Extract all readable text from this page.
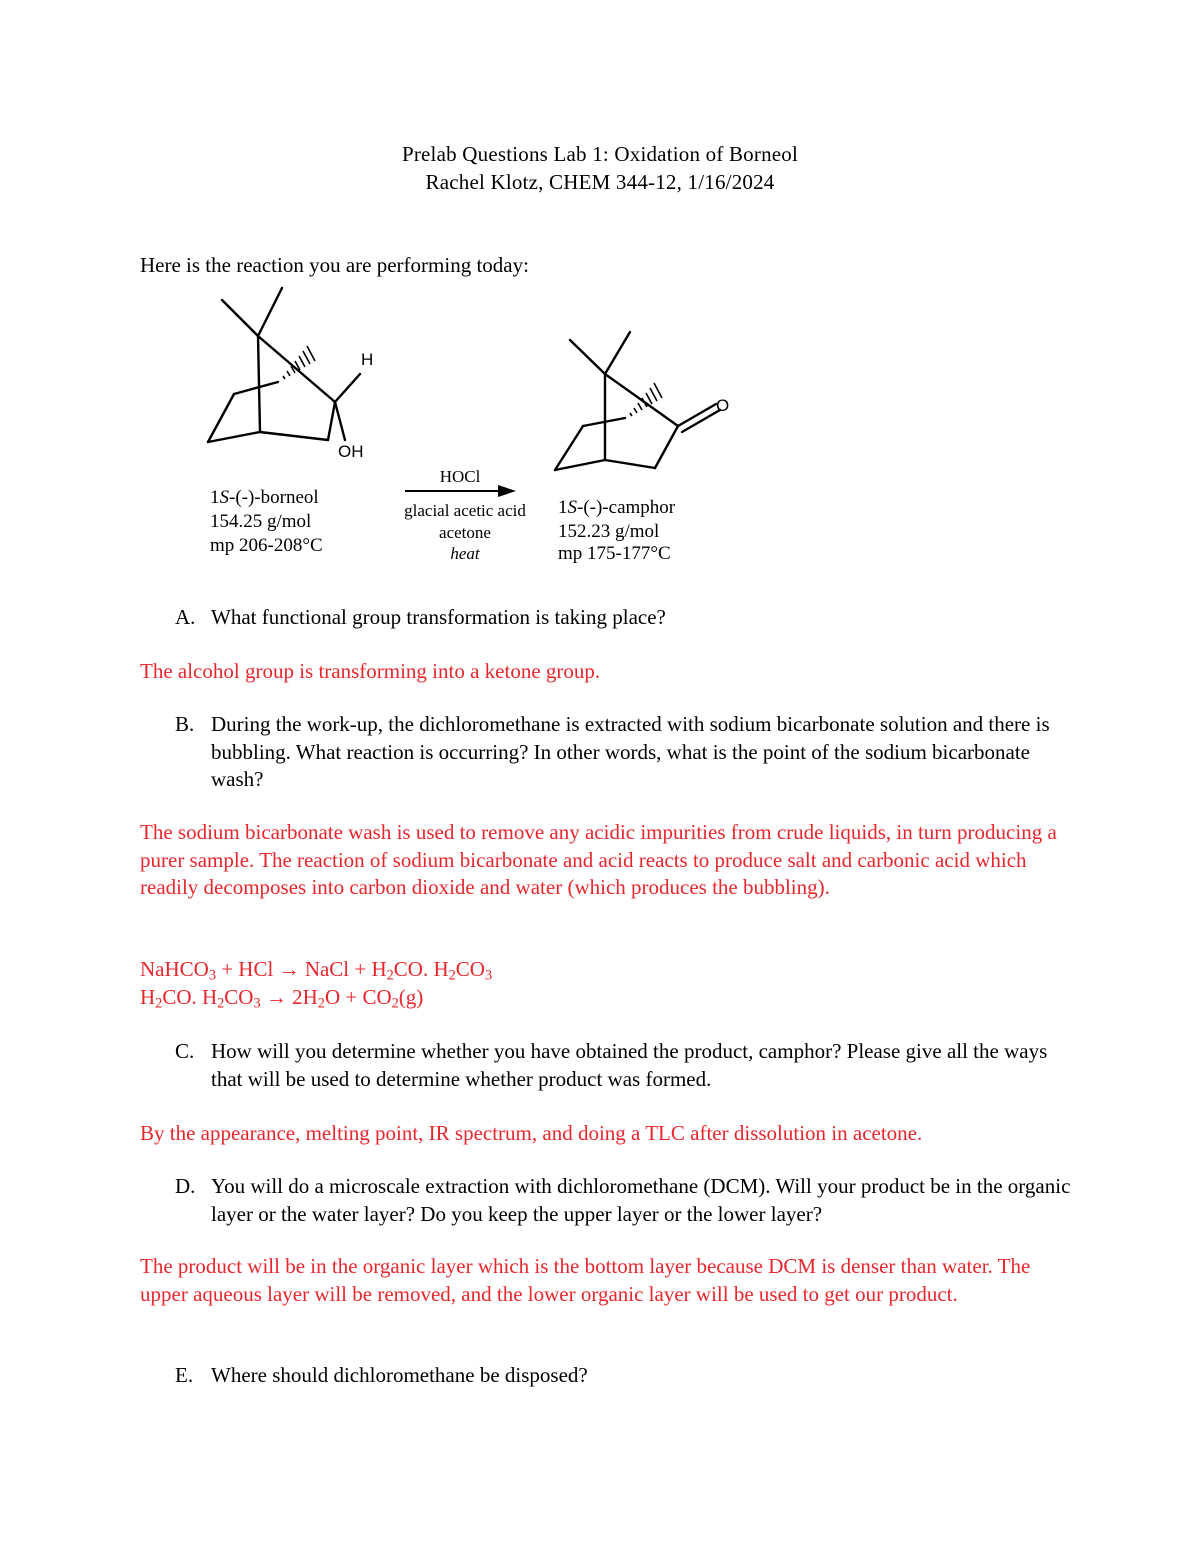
Prelab Questions Lab 1: Oxidation of Borneol
Rachel Klotz, CHEM 344-12, 1/16/2024
Here is the reaction you are performing today:
H
OH
O
1S-(-)-borneol
154.25 g/mol
mp 206-208°C
HOCl
glacial acetic acid
acetone
heat
1S-(-)-camphor
152.23 g/mol
mp 175-177°C
A. What functional group transformation is taking place?
The alcohol group is transforming into a ketone group.
B. During the work-up, the dichloromethane is extracted with sodium bicarbonate solution and there is bubbling. What reaction is occurring? In other words, what is the point of the sodium bicarbonate wash?
The sodium bicarbonate wash is used to remove any acidic impurities from crude liquids, in turn producing a purer sample. The reaction of sodium bicarbonate and acid reacts to produce salt and carbonic acid which readily decomposes into carbon dioxide and water (which produces the bubbling).
NaHCO$_3$ + HCl → NaCl + $H_2CO$. $H_2CO_3$
$H_2CO$. $H_2CO_3 \to 2H_2O + CO_2(g)$
C. How will you determine whether you have obtained the product, camphor? Please give all the ways that will be used to determine whether product was formed.
By the appearance, melting point, IR spectrum, and doing a TLC after dissolution in acetone.
D. You will do a microscale extraction with dichloromethane (DCM). Will your product be in the organic layer or the water layer? Do you keep the upper layer or the lower layer?
The product will be in the organic layer which is the bottom layer because DCM is denser than water. The upper aqueous layer will be removed, and the lower organic layer will be used to get our product.
E. Where should dichloromethane be disposed?
